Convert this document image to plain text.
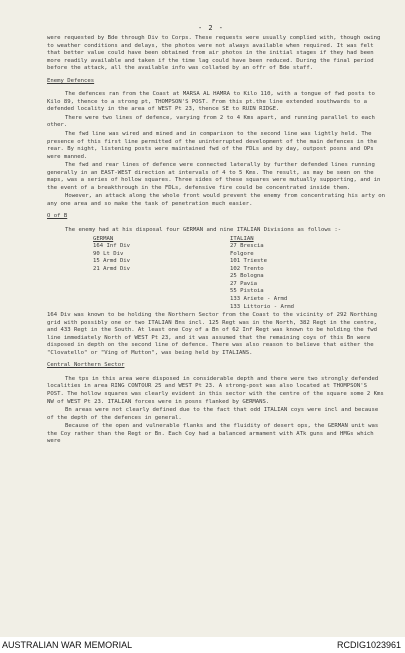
- 2 -

were requested by Bde through Div to Corps. These requests were usually complied with, though owing to weather conditions and delays, the photos were not always available when required. It was felt that better value could have been obtained from air photos in the initial stages if they had been more readily available and taken if the time lag could have been reduced. During the final period before the attack, all the available info was collated by an offr of Bde staff.

Enemy Defences

The defences ran from the Coast at MARSA AL HAMRA to Kilo 110, with a tongue of fwd posts to Kilo 89, thence to a strong pt, THOMPSON'S POST. From this pt.the line extended southwards to a defended locality in the area of WEST Pt 23, thence SE to RUIN RIDGE.

There were two lines of defence, varying from 2 to 4 Kms apart, and running parallel to each other.

The fwd line was wired and mined and in comparison to the second line was lightly held. The presence of this first line permitted of the uninterrupted development of the main defences in the rear. By night, listening posts were maintained fwd of the FDLs and by day, outpost posns and OPs were manned.

The fwd and rear lines of defence were connected laterally by further defended lines running generally in an EAST-WEST direction at intervals of 4 to 5 Kms. The result, as may be seen on the maps, was a series of hollow squares. Three sides of these squares were mutually supporting, and in the event of a breakthrough in the FDLs, defensive fire could be concentrated inside them.

However, an attack along the whole front would prevent the enemy from concentrating his arty on any one area and so make the task of penetration much easier.

O of B

The enemy had at his disposal four GERMAN and nine ITALIAN Divisions as follows :-

GERMAN
164 Inf Div
90 Lt Div
15 Armd Div
21 Armd Div
ITALIAN
27 Brescia
Folgore
101 Trieste
102 Trento
25 Bologna
27 Pavia
55 Pistoia
133 Ariete - Armd
133 Littorio - Armd

164 Div was known to be holding the Northern Sector from the Coast to the vicinity of 292 Northing grid with possibly one or two ITALIAN Bns incl. 125 Regt was in the North, 382 Regt in the centre, and 433 Regt in the South. At least one Coy of a Bn of 62 Inf Regt was known to be holding the fwd line immediately North of WEST Pt 23, and it was assumed that the remaining coys of this Bn were disposed in depth on the second line of defence. There was also reason to believe that either the "Clovatello" or "Ving of Mutton", was being held by ITALIANS.

Central Northern Sector

The tps in this area were disposed in considerable depth and there were two strongly defended localities in area RING CONTOUR 25 and WEST Pt 23. A strong-post was also located at THOMPSON'S POST. The hollow squares was clearly evident in this sector with the centre of the square some 2 Kms NW of WEST Pt 23. ITALIAN forces were in posns flanked by GERMANS.

Bn areas were not clearly defined due to the fact that odd ITALIAN coys were incl and because of the depth of the defences in general.

Because of the open and vulnerable flanks and the fluidity of desert ops, the GERMAN unit was the Coy rather than the Regt or Bn. Each Coy had a balanced armament with ATk guns and HMGs which were

AUSTRALIAN WAR MEMORIAL	RCDIG1023961
